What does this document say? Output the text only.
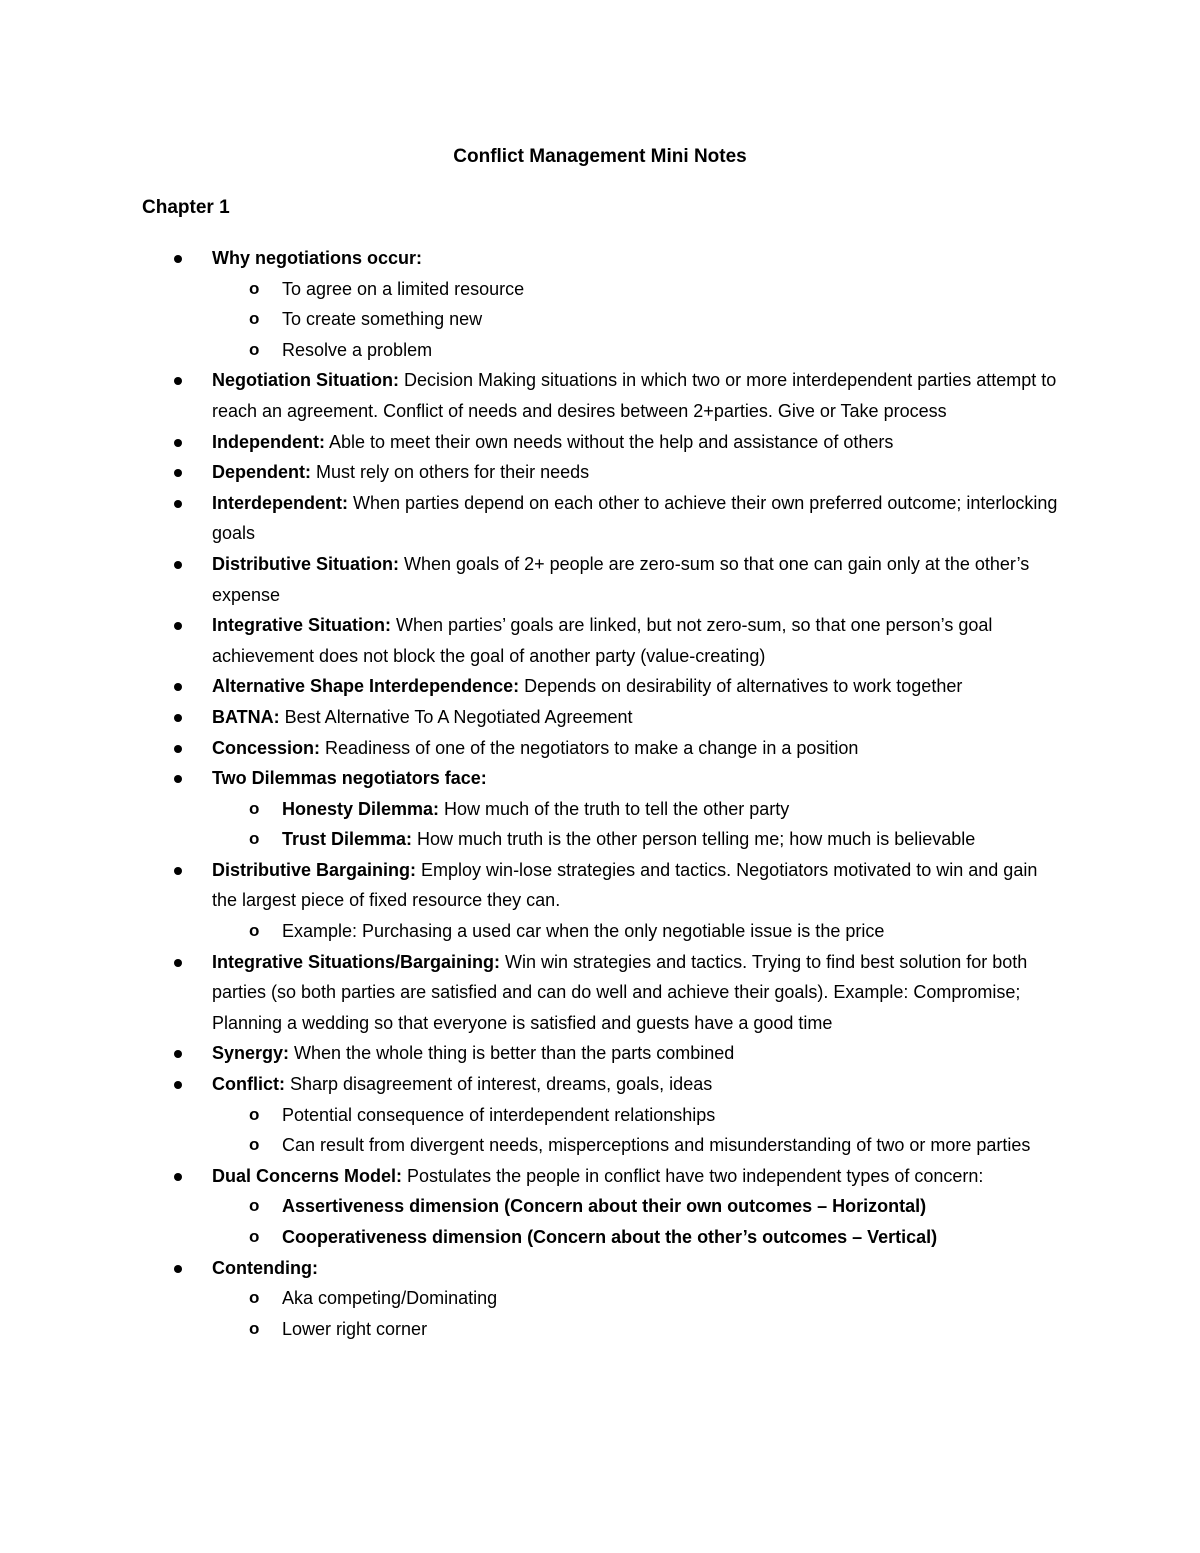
Conflict Management Mini Notes
Chapter 1
Why negotiations occur:
o To agree on a limited resource
o To create something new
o Resolve a problem
Negotiation Situation: Decision Making situations in which two or more interdependent parties attempt to reach an agreement. Conflict of needs and desires between 2+parties. Give or Take process
Independent: Able to meet their own needs without the help and assistance of others
Dependent: Must rely on others for their needs
Interdependent: When parties depend on each other to achieve their own preferred outcome; interlocking goals
Distributive Situation: When goals of 2+ people are zero-sum so that one can gain only at the other’s expense
Integrative Situation: When parties’ goals are linked, but not zero-sum, so that one person’s goal achievement does not block the goal of another party (value-creating)
Alternative Shape Interdependence: Depends on desirability of alternatives to work together
BATNA: Best Alternative To A Negotiated Agreement
Concession: Readiness of one of the negotiators to make a change in a position
Two Dilemmas negotiators face:
o Honesty Dilemma: How much of the truth to tell the other party
o Trust Dilemma: How much truth is the other person telling me; how much is believable
Distributive Bargaining: Employ win-lose strategies and tactics. Negotiators motivated to win and gain the largest piece of fixed resource they can.
o Example: Purchasing a used car when the only negotiable issue is the price
Integrative Situations/Bargaining: Win win strategies and tactics. Trying to find best solution for both parties (so both parties are satisfied and can do well and achieve their goals). Example: Compromise; Planning a wedding so that everyone is satisfied and guests have a good time
Synergy: When the whole thing is better than the parts combined
Conflict: Sharp disagreement of interest, dreams, goals, ideas
o Potential consequence of interdependent relationships
o Can result from divergent needs, misperceptions and misunderstanding of two or more parties
Dual Concerns Model: Postulates the people in conflict have two independent types of concern:
o Assertiveness dimension (Concern about their own outcomes – Horizontal)
o Cooperativeness dimension (Concern about the other’s outcomes – Vertical)
Contending:
o Aka competing/Dominating
o Lower right corner
